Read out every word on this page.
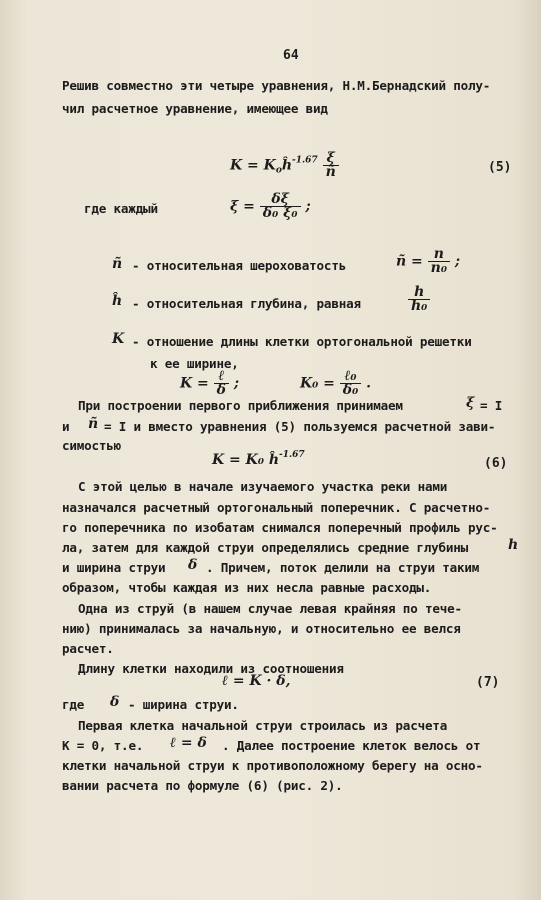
64
Решив совместно эти четыре уравнения, Н.М.Бернадский полу-
чил расчетное уравнение, имеющее вид
$K = K_oĥ^{-1.67} \frac{\xi}{ñ}$	(5)
где каждый	$\xi = \frac{\delta\xi}{\text{δ₀ ξ₀}}$ ;
ñ - относительная шероховатость	ñ = $\frac{n}{\text{n₀}}$ ;
ĥ - относительная глубина, равная	$\frac{h}{\text{h₀}}$
K - отношение длины клетки ортогональной решетки
к ее ширине,
$K = \frac{\text{ℓ}}{\delta}$ ;	$K_0 = \frac{\text{ℓ₀}}{\text{δ₀}}$ .
При построении первого приближения принимаем	ξ = I
и ñ = I и вместо уравнения (5) пользуемся расчетной зави-
симостью
K = K₀ $ĥ^{-1.67}$
(6)
С этой целью в начале изучаемого участка реки нами
назначался расчетный ортогональный поперечник. С расчетно-
го поперечника по изобатам снимался поперечный профиль рус-
ла, затем для каждой струи определялись средние глубины	h
и ширина струи δ . Причем, поток делили на струи таким
образом, чтобы каждая из них несла равные расходы.
Одна из струй (в нашем случае левая крайняя по тече-
нию) принималась за начальную, и относительно ее велся
расчет.
Длину клетки находили из соотношения
ℓ = K · δ,	(7)
где δ - ширина струи.
Первая клетка начальной струи строилась из расчета
К = 0, т.е. ℓ = δ . Далее построение клеток велось от
клетки начальной струи к противоположному берегу на осно-
вании расчета по формуле (6) (рис. 2).
